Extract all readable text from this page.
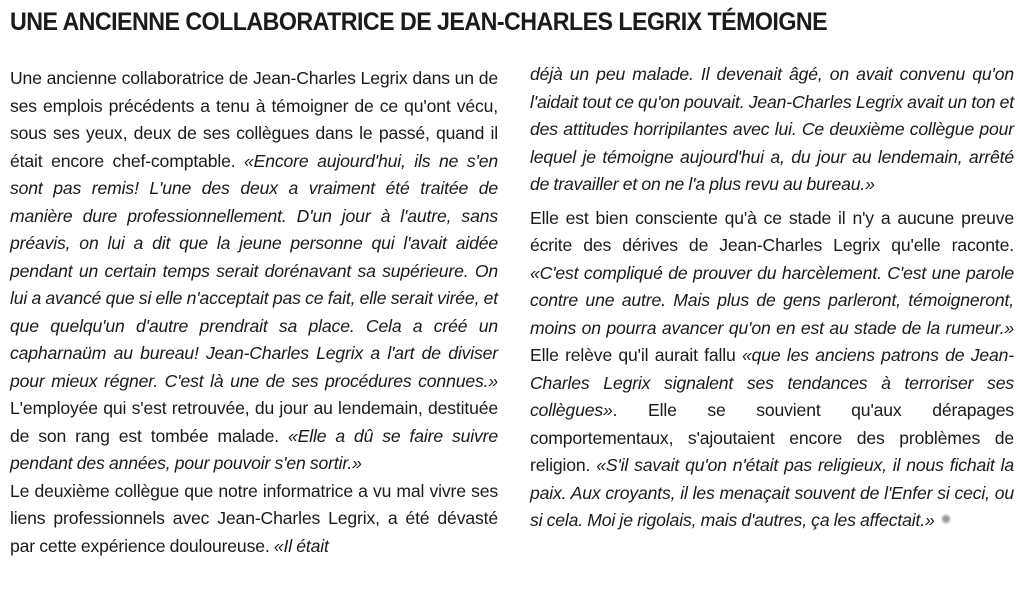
UNE ANCIENNE COLLABORATRICE DE JEAN-CHARLES LEGRIX TÉMOIGNE

Une ancienne collaboratrice de Jean-Charles Legrix dans un de ses emplois précédents a tenu à témoigner de ce qu'ont vécu, sous ses yeux, deux de ses collègues dans le passé, quand il était encore chef-comptable. «Encore aujourd'hui, ils ne s'en sont pas remis! L'une des deux a vraiment été traitée de manière dure professionnellement. D'un jour à l'autre, sans préavis, on lui a dit que la jeune personne qui l'avait aidée pendant un certain temps serait dorénavant sa supérieure. On lui a avancé que si elle n'acceptait pas ce fait, elle serait virée, et que quelqu'un d'autre prendrait sa place. Cela a créé un capharnaüm au bureau! Jean-Charles Legrix a l'art de diviser pour mieux régner. C'est là une de ses procédures connues.» L'employée qui s'est retrouvée, du jour au lendemain, destituée de son rang est tombée malade. «Elle a dû se faire suivre pendant des années, pour pouvoir s'en sortir.»

Le deuxième collègue que notre informatrice a vu mal vivre ses liens professionnels avec Jean-Charles Legrix, a été dévasté par cette expérience douloureuse. «Il était

déjà un peu malade. Il devenait âgé, on avait convenu qu'on l'aidait tout ce qu'on pouvait. Jean-Charles Legrix avait un ton et des attitudes horripilantes avec lui. Ce deuxième collègue pour lequel je témoigne aujourd'hui a, du jour au lendemain, arrêté de travailler et on ne l'a plus revu au bureau.»

Elle est bien consciente qu'à ce stade il n'y a aucune preuve écrite des dérives de Jean-Charles Legrix qu'elle raconte. «C'est compliqué de prouver du harcèlement. C'est une parole contre une autre. Mais plus de gens parleront, témoigneront, moins on pourra avancer qu'on en est au stade de la rumeur.» Elle relève qu'il aurait fallu «que les anciens patrons de Jean-Charles Legrix signalent ses tendances à terroriser ses collègues». Elle se souvient qu'aux dérapages comportementaux, s'ajoutaient encore des problèmes de religion. «S'il savait qu'on n'était pas religieux, il nous fichait la paix. Aux croyants, il les menaçait souvent de l'Enfer si ceci, ou si cela. Moi je rigolais, mais d'autres, ça les affectait.»
